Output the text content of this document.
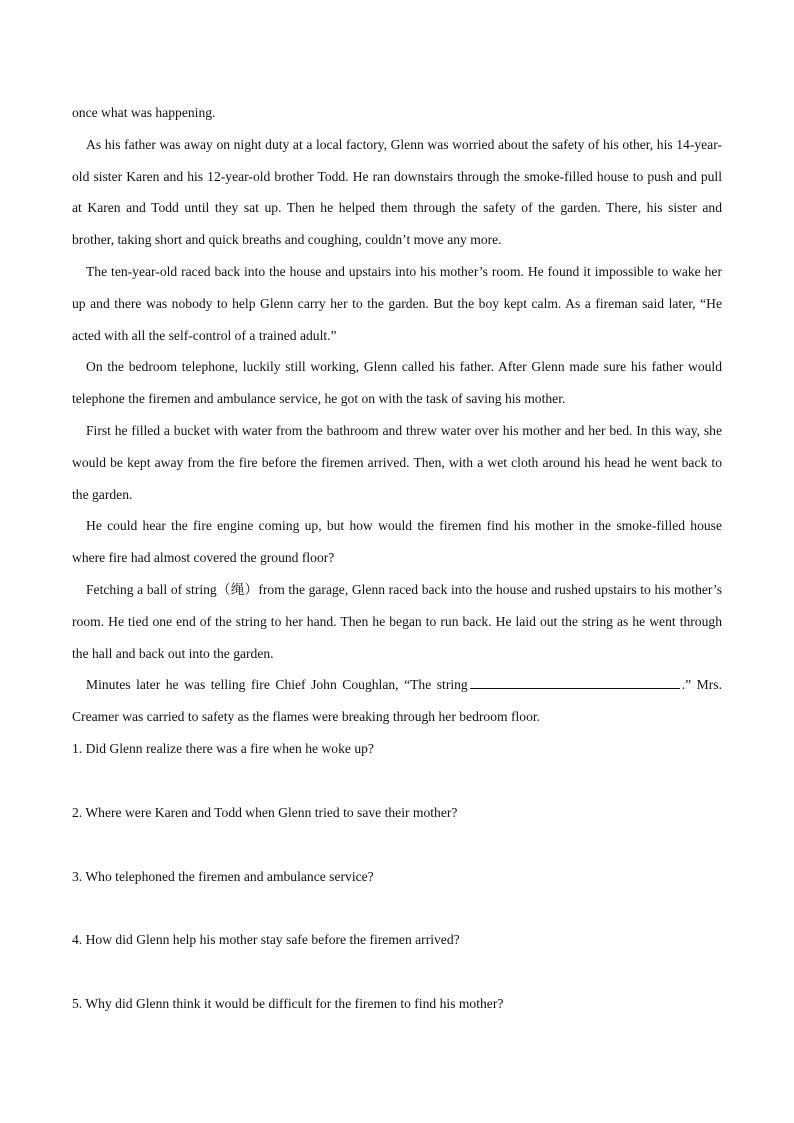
once what was happening.

As his father was away on night duty at a local factory, Glenn was worried about the safety of his other, his 14-year-old sister Karen and his 12-year-old brother Todd. He ran downstairs through the smoke-filled house to push and pull at Karen and Todd until they sat up. Then he helped them through the safety of the garden. There, his sister and brother, taking short and quick breaths and coughing, couldn’t move any more.

The ten-year-old raced back into the house and upstairs into his mother’s room. He found it impossible to wake her up and there was nobody to help Glenn carry her to the garden. But the boy kept calm. As a fireman said later, “He acted with all the self-control of a trained adult.”

On the bedroom telephone, luckily still working, Glenn called his father. After Glenn made sure his father would telephone the firemen and ambulance service, he got on with the task of saving his mother.

First he filled a bucket with water from the bathroom and threw water over his mother and her bed. In this way, she would be kept away from the fire before the firemen arrived. Then, with a wet cloth around his head he went back to the garden.

He could hear the fire engine coming up, but how would the firemen find his mother in the smoke-filled house where fire had almost covered the ground floor?

Fetching a ball of string（绳）from the garage, Glenn raced back into the house and rushed upstairs to his mother’s room. He tied one end of the string to her hand. Then he began to run back. He laid out the string as he went through the hall and back out into the garden.

Minutes later he was telling fire Chief John Coughlan, “The string	.” Mrs. Creamer was carried to safety as the flames were breaking through her bedroom floor.

1. Did Glenn realize there was a fire when he woke up?

2. Where were Karen and Todd when Glenn tried to save their mother?

3. Who telephoned the firemen and ambulance service?

4. How did Glenn help his mother stay safe before the firemen arrived?

5. Why did Glenn think it would be difficult for the firemen to find his mother?
